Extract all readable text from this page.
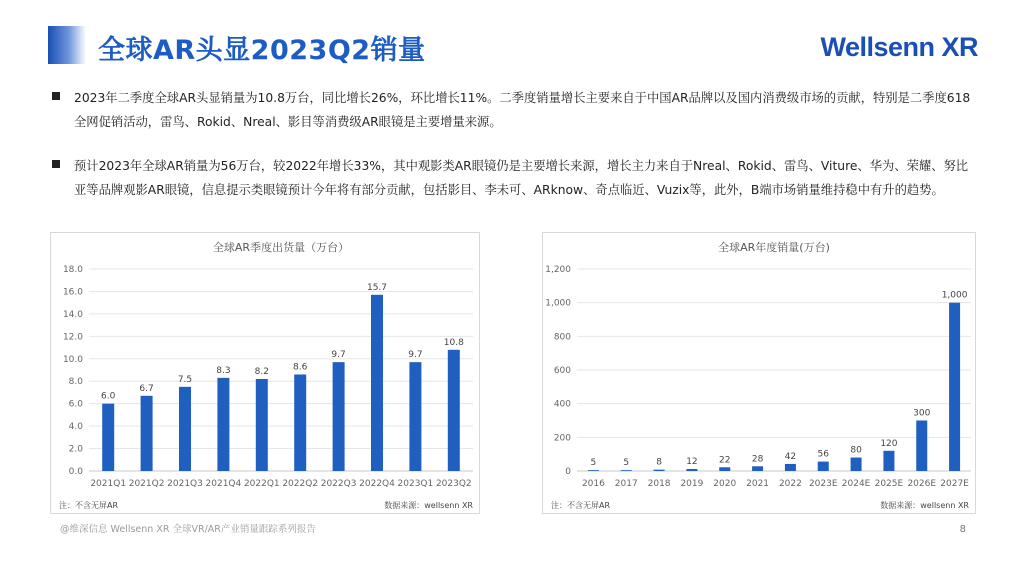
全球AR头显2023Q2销量	Wellsenn XR
2023年二季度全球AR头显销量为10.8万台，同比增长26%，环比增长11%。二季度销量增长主要来自于中国AR品牌以及国内消费级市场的贡献，特别是二季度618全网促销活动，雷鸟、Rokid、Nreal、影目等消费级AR眼镜是主要增量来源。
预计2023年全球AR销量为56万台，较2022年增长33%，其中观影类AR眼镜仍是主要增长来源，增长主力来自于Nreal、Rokid、雷鸟、Viture、华为、荣耀、努比亚等品牌观影AR眼镜，信息提示类眼镜预计今年将有部分贡献，包括影目、李未可、ARknow、奇点临近、Vuzix等，此外，B端市场销量维持稳中有升的趋势。
全球AR季度出货量（万台）
0.0
2.0
4.0
6.0
8.0
10.0
12.0
14.0
16.0
18.0
6.0
2021Q1
6.7
2021Q2
7.5
2021Q3
8.3
2021Q4
8.2
2022Q1
8.6
2022Q2
9.7
2022Q3
15.7
2022Q4
9.7
2023Q1
10.8
2023Q2
注：不含无屏AR	数据来源：wellsenn XR
全球AR年度销量(万台)
0
200
400
600
800
1,000
1,200
5
2016
5
2017
8
2018
12
2019
22
2020
28
2021
42
2022
56
2023E
80
2024E
120
2025E
300
2026E
1,000
2027E
注：不含无屏AR	数据来源：wellsenn XR
@维深信息 Wellsenn XR 全球VR/AR产业销量跟踪系列报告	8
